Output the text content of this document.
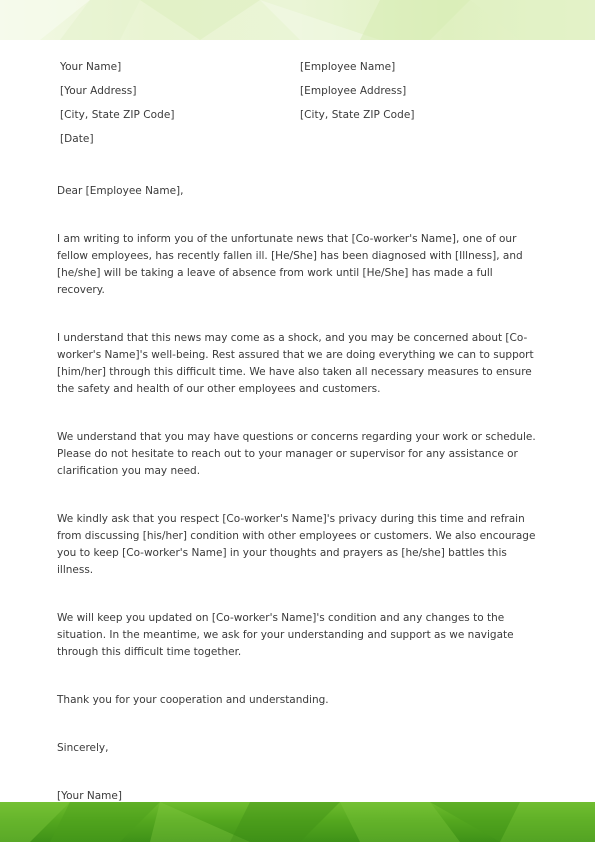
Your Name]
[Your Address]
[City, State ZIP Code]
[Date]
[Employee Name]
[Employee Address]
[City, State ZIP Code]

Dear [Employee Name],

I am writing to inform you of the unfortunate news that [Co-worker's Name], one of our fellow employees, has recently fallen ill. [He/She] has been diagnosed with [Illness], and [he/she] will be taking a leave of absence from work until [He/She] has made a full recovery.

I understand that this news may come as a shock, and you may be concerned about [Co-worker's Name]'s well-being. Rest assured that we are doing everything we can to support [him/her] through this difficult time. We have also taken all necessary measures to ensure the safety and health of our other employees and customers.

We understand that you may have questions or concerns regarding your work or schedule. Please do not hesitate to reach out to your manager or supervisor for any assistance or clarification you may need.

We kindly ask that you respect [Co-worker's Name]'s privacy during this time and refrain from discussing [his/her] condition with other employees or customers. We also encourage you to keep [Co-worker's Name] in your thoughts and prayers as [he/she] battles this illness.

We will keep you updated on [Co-worker's Name]'s condition and any changes to the situation. In the meantime, we ask for your understanding and support as we navigate through this difficult time together.

Thank you for your cooperation and understanding.

Sincerely,

[Your Name]
